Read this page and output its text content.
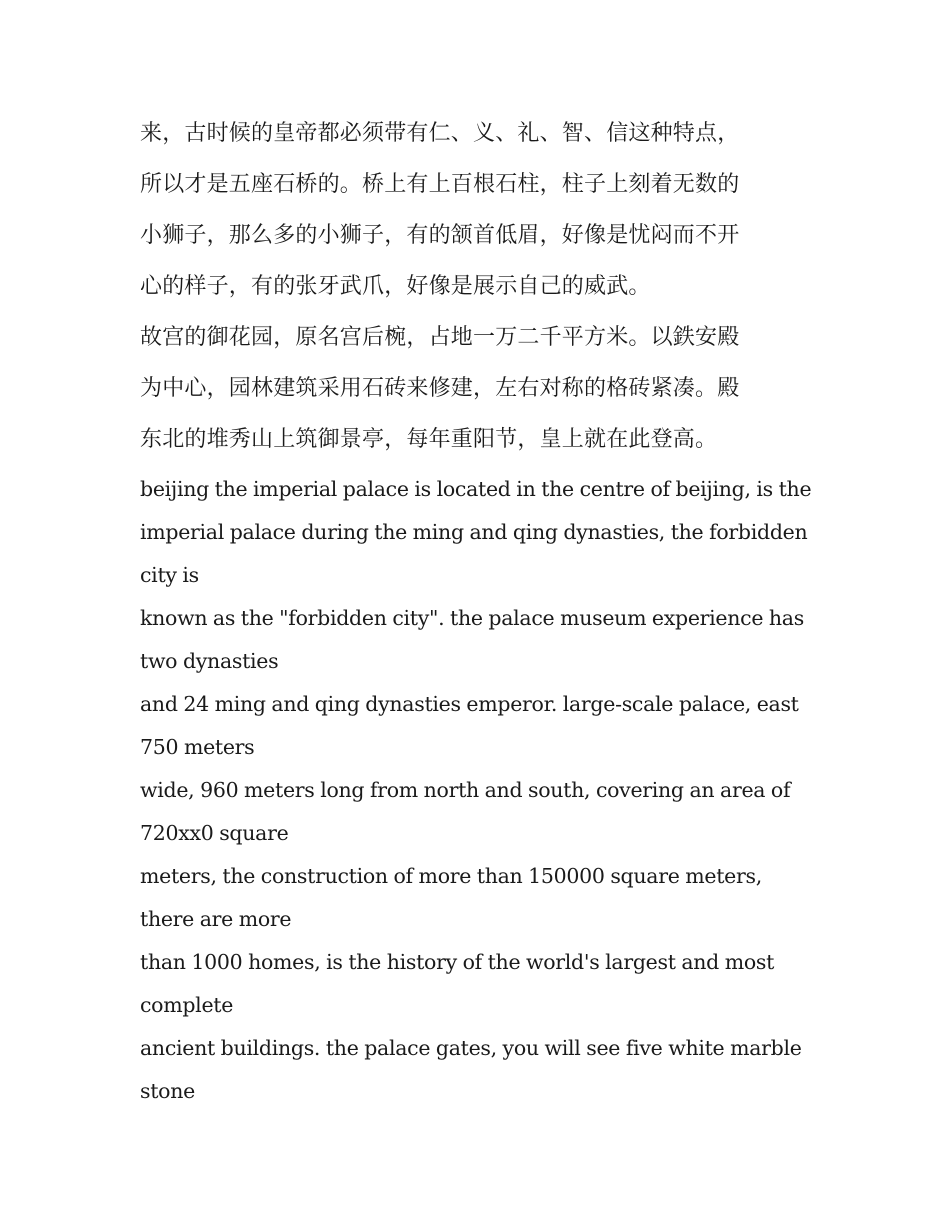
来，古时候的皇帝都必须带有仁、义、礼、智、信这种特点，
所以才是五座石桥的。桥上有上百根石柱，柱子上刻着无数的
小狮子，那么多的小狮子，有的颔首低眉，好像是忧闷而不开
心的样子，有的张牙武爪，好像是展示自己的威武。
故宫的御花园，原名宫后椀，占地一万二千平方米。以鉄安殿
为中心，园林建筑采用石砖来修建，左右对称的格砖紧凑。殿
东北的堆秀山上筑御景亭，每年重阳节，皇上就在此登高。
beijing the imperial palace is located in the centre of beijing, is the
imperial palace during the ming and qing dynasties, the forbidden
city is
known as the "forbidden city". the palace museum experience has
two dynasties
and 24 ming and qing dynasties emperor. large-scale palace, east
750 meters
wide, 960 meters long from north and south, covering an area of
720xx0 square
meters, the construction of more than 150000 square meters,
there are more
than 1000 homes, is the history of the world's largest and most
complete
ancient buildings. the palace gates, you will see five white marble
stone
